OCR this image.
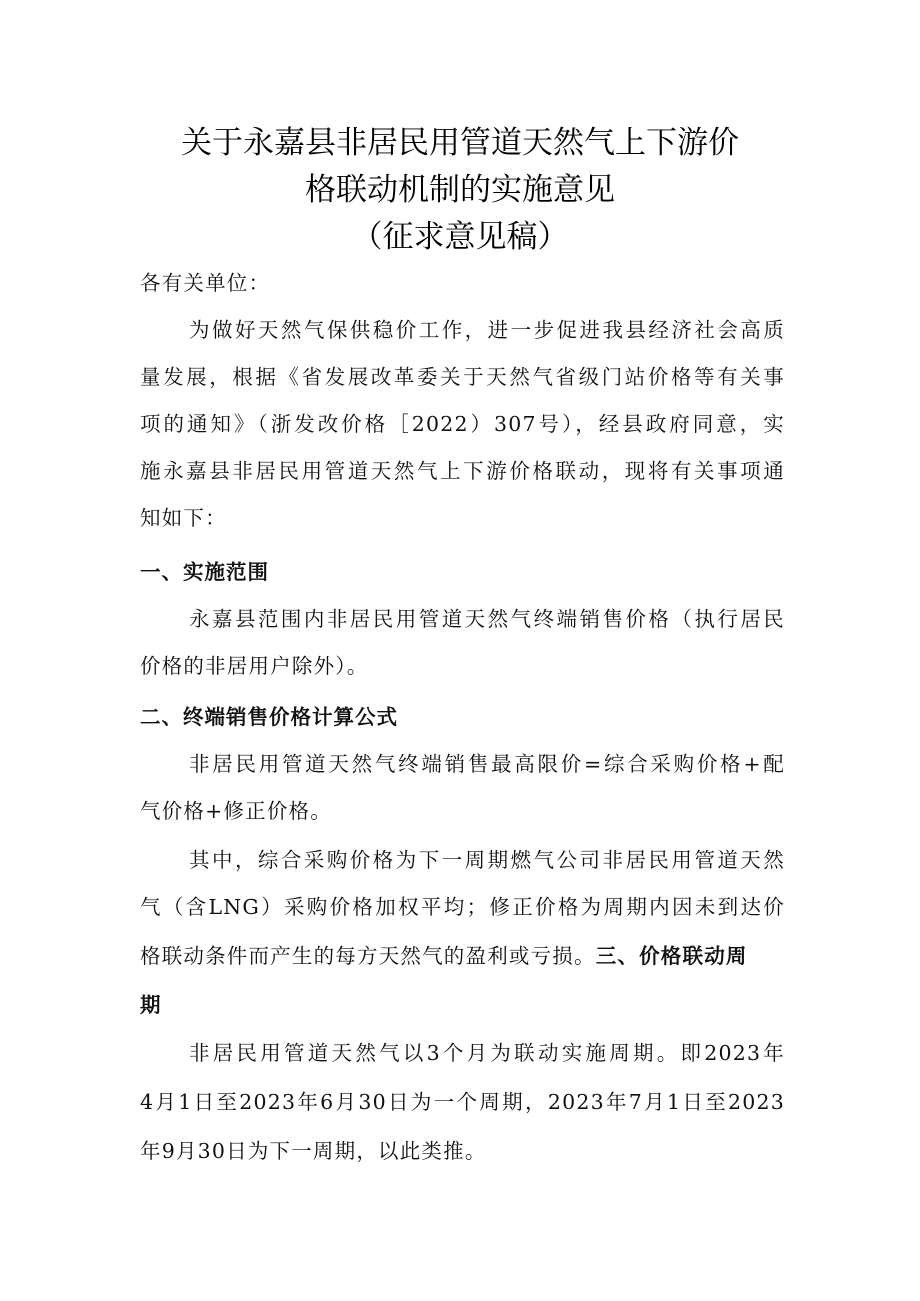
关于永嘉县非居民用管道天然气上下游价
格联动机制的实施意见
（征求意见稿）
各有关单位：
为做好天然气保供稳价工作，进一步促进我县经济社会高质
量发展，根据《省发展改革委关于天然气省级门站价格等有关事
项的通知》（浙发改价格［2022）307号），经县政府同意，实
施永嘉县非居民用管道天然气上下游价格联动，现将有关事项通
知如下：
一、实施范围
永嘉县范围内非居民用管道天然气终端销售价格（执行居民
价格的非居用户除外）。
二、终端销售价格计算公式
非居民用管道天然气终端销售最高限价=综合采购价格+配
气价格+修正价格。
其中，综合采购价格为下一周期燃气公司非居民用管道天然
气（含LNG）采购价格加权平均；修正价格为周期内因未到达价
格联动条件而产生的每方天然气的盈利或亏损。三、价格联动周
期
非居民用管道天然气以3个月为联动实施周期。即2023年
4月1日至2023年6月30日为一个周期，2023年7月1日至2023
年9月30日为下一周期，以此类推。
